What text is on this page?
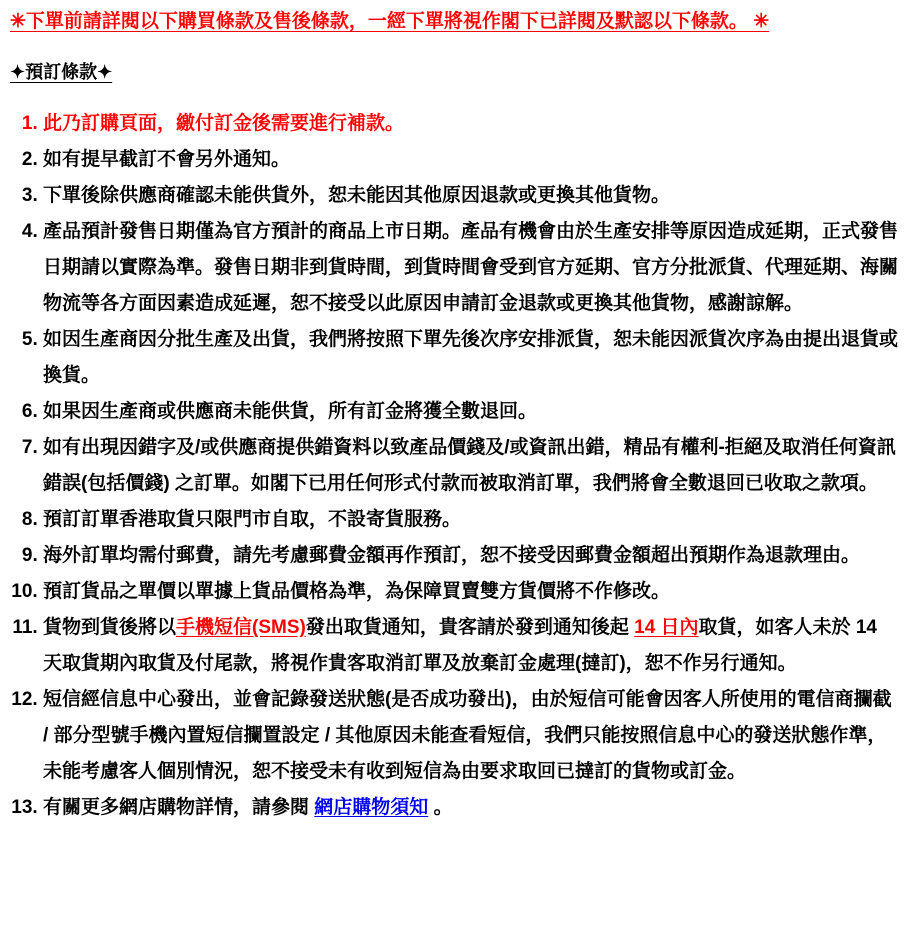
✳下單前請詳閱以下購買條款及售後條款，一經下單將視作閣下已詳閱及默認以下條款。 ✳

✦預訂條款✦
1. 此乃訂購頁面，繳付訂金後需要進行補款。
2. 如有提早截訂不會另外通知。
3. 下單後除供應商確認未能供貨外，恕未能因其他原因退款或更換其他貨物。
4. 產品預計發售日期僅為官方預計的商品上市日期。產品有機會由於生產安排等原因造成延期，正式發售日期請以實際為準。發售日期非到貨時間，到貨時間會受到官方延期、官方分批派貨、代理延期、海關物流等各方面因素造成延遲，恕不接受以此原因申請訂金退款或更換其他貨物，感謝諒解。
5. 如因生產商因分批生產及出貨，我們將按照下單先後次序安排派貨，恕未能因派貨次序為由提出退貨或換貨。
6. 如果因生產商或供應商未能供貨，所有訂金將獲全數退回。
7. 如有出現因錯字及/或供應商提供錯資料以致產品價錢及/或資訊出錯，精品有權利-拒絕及取消任何資訊錯誤(包括價錢) 之訂單。如閣下已用任何形式付款而被取消訂單，我們將會全數退回已收取之款項。
8. 預訂訂單香港取貨只限門市自取，不設寄貨服務。
9. 海外訂單均需付郵費，請先考慮郵費金額再作預訂，恕不接受因郵費金額超出預期作為退款理由。
10. 預訂貨品之單價以單據上貨品價格為準，為保障買賣雙方貨價將不作修改。
11. 貨物到貨後將以手機短信(SMS)發出取貨通知，貴客請於發到通知後起 14 日內取貨，如客人未於 14 天取貨期內取貨及付尾款，將視作貴客取消訂單及放棄訂金處理(撻訂)，恕不作另行通知。
12. 短信經信息中心發出，並會記錄發送狀態(是否成功發出)，由於短信可能會因客人所使用的電信商攔截 / 部分型號手機內置短信攔置設定 / 其他原因未能查看短信，我們只能按照信息中心的發送狀態作準，未能考慮客人個別情況，恕不接受未有收到短信為由要求取回已撻訂的貨物或訂金。
13. 有關更多網店購物詳情，請參閱 網店購物須知 。
